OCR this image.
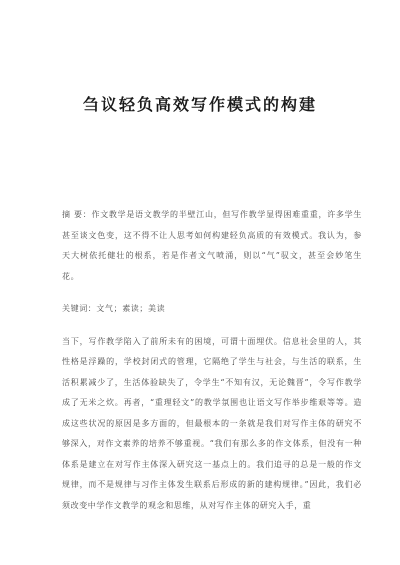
刍议轻负高效写作模式的构建

摘 要：作文教学是语文教学的半壁江山，但写作教学显得困难重重，许多学生甚至谈文色变，这不得不让人思考如何构建轻负高质的有效模式。我认为，参天大树依托健壮的根系，若是作者文气喷涌，则以“气”驭文，甚至会妙笔生花。

关键词：文气；素读；美读

当下，写作教学陷入了前所未有的困境，可谓十面埋伏。信息社会里的人，其性格是浮躁的，学校封闭式的管理，它隔绝了学生与社会，与生活的联系，生活积累减少了，生活体验缺失了，令学生“不知有汉，无论魏晋”，令写作教学成了无米之炊。再者，“重理轻文”的教学氛围也让语文写作举步维艰等等。造成这些状况的原因是多方面的，但最根本的一条就是我们对写作主体的研究不够深入，对作文素养的培养不够重视。“我们有那么多的作文体系，但没有一种体系是建立在对写作主体深入研究这一基点上的。我们追寻的总是一般的作文规律，而不是规律与习作主体发生联系后形成的新的建构规律。”因此，我们必须改变中学作文教学的观念和思维，从对写作主体的研究入手，重
